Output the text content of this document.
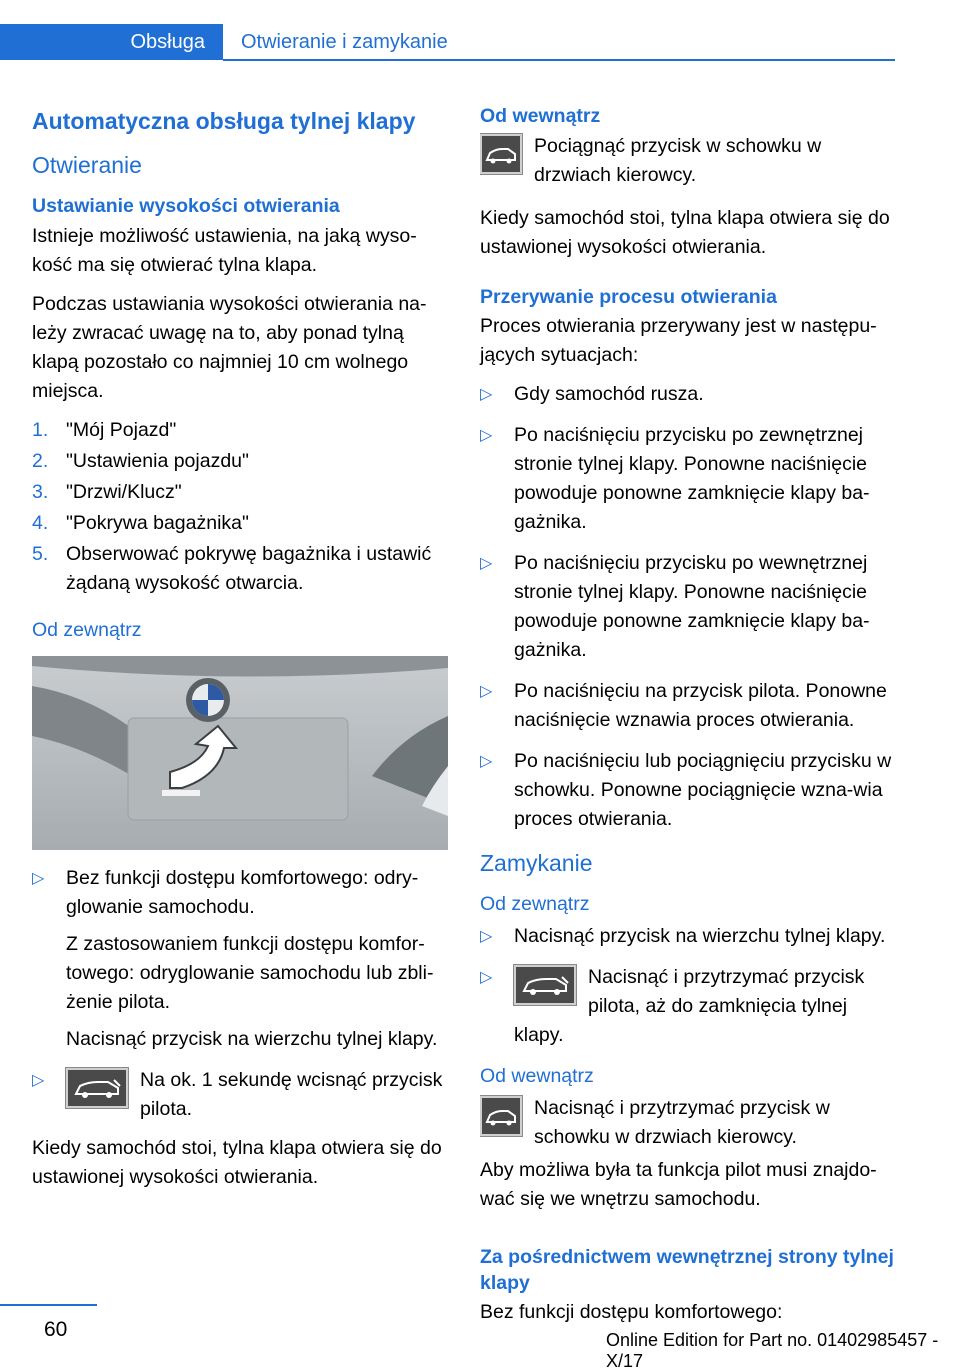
Obsługa	Otwieranie i zamykanie
Automatyczna obsługa tylnej klapy
Otwieranie
Ustawianie wysokości otwierania

Istnieje możliwość ustawienia, na jaką wyso‐kość ma się otwierać tylna klapa.

Podczas ustawiania wysokości otwierania na‐leży zwracać uwagę na to, aby ponad tylną klapą pozostało co najmniej 10 cm wolnego miejsca.

1. "Mój Pojazd"
2. "Ustawienia pojazdu"
3. "Drzwi/Klucz"
4. "Pokrywa bagażnika"
5. Obserwować pokrywę bagażnika i ustawić żądaną wysokość otwarcia.
Od zewnątrz
▷ Bez funkcji dostępu komfortowego: odry‐glowanie samochodu.

Z zastosowaniem funkcji dostępu komfor‐towego: odryglowanie samochodu lub zbli‐żenie pilota.

Nacisnąć przycisk na wierzchu tylnej klapy.

▷	Na ok. 1 sekundę wcisnąć przycisk pilota.

Kiedy samochód stoi, tylna klapa otwiera się do ustawionej wysokości otwierania.

Od wewnątrz
Pociągnąć przycisk w schowku w drzwiach kierowcy.

Kiedy samochód stoi, tylna klapa otwiera się do ustawionej wysokości otwierania.

Przerywanie procesu otwierania

Proces otwierania przerywany jest w następu‐jących sytuacjach:

▷ Gdy samochód rusza.
▷ Po naciśnięciu przycisku po zewnętrznej stronie tylnej klapy. Ponowne naciśnięcie powoduje ponowne zamknięcie klapy ba‐gażnika.
▷ Po naciśnięciu przycisku po wewnętrznej stronie tylnej klapy. Ponowne naciśnięcie powoduje ponowne zamknięcie klapy ba‐gażnika.
▷ Po naciśnięciu na przycisk pilota. Ponowne naciśnięcie wznawia proces otwierania.
▷ Po naciśnięciu lub pociągnięciu przycisku w schowku. Ponowne pociągnięcie wzna‐wia proces otwierania.
Zamykanie
Od zewnątrz
▷ Nacisnąć przycisk na wierzchu tylnej klapy.
▷	Nacisnąć i przytrzymać przycisk pilota, aż do zamknięcia tylnej klapy.
Od wewnątrz
Nacisnąć i przytrzymać przycisk w schowku w drzwiach kierowcy.

Aby możliwa była ta funkcja pilot musi znajdo‐wać się we wnętrzu samochodu.

Za pośrednictwem wewnętrznej strony tylnej klapy

Bez funkcji dostępu komfortowego:

60	Online Edition for Part no. 01402985457 - X/17
